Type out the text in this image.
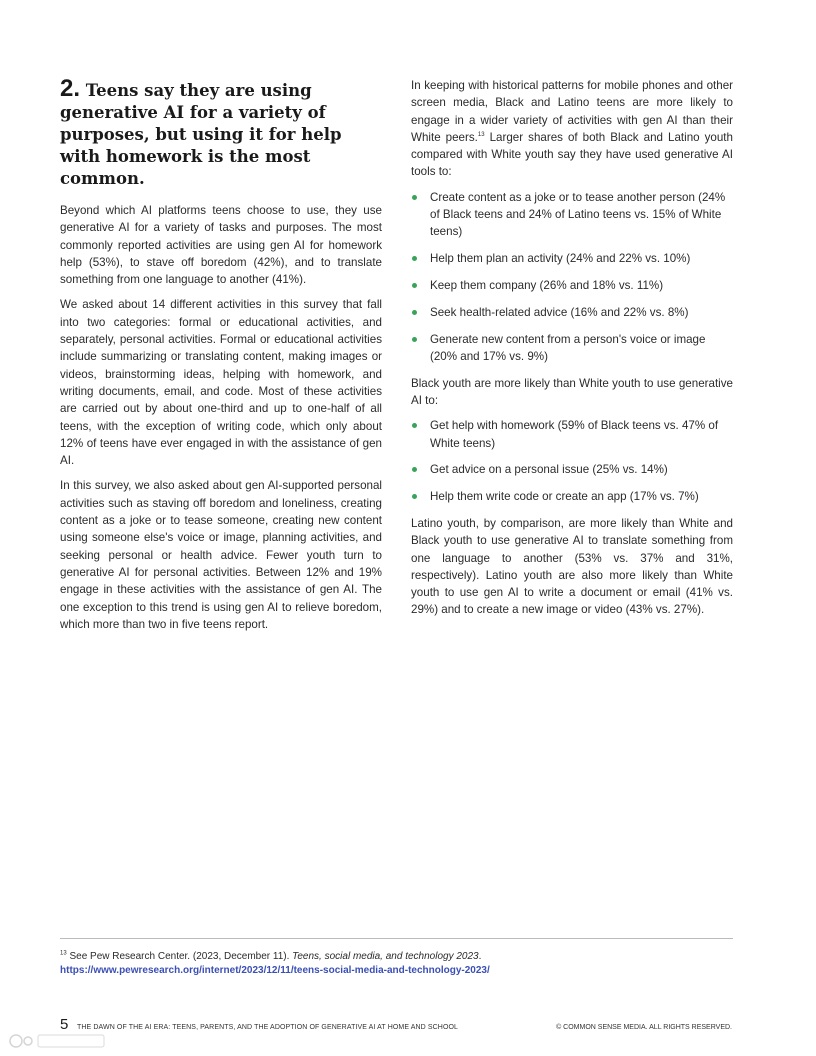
2. Teens say they are using generative AI for a variety of purposes, but using it for help with homework is the most common.

Beyond which AI platforms teens choose to use, they use generative AI for a variety of tasks and purposes. The most commonly reported activities are using gen AI for homework help (53%), to stave off boredom (42%), and to translate something from one language to another (41%).

We asked about 14 different activities in this survey that fall into two categories: formal or educational activities, and separately, personal activities. Formal or educational activities include summarizing or translating content, making images or videos, brainstorming ideas, helping with homework, and writing documents, email, and code. Most of these activities are carried out by about one-third and up to one-half of all teens, with the exception of writing code, which only about 12% of teens have ever engaged in with the assistance of gen AI.

In this survey, we also asked about gen AI-supported personal activities such as staving off boredom and loneliness, creating content as a joke or to tease someone, creating new content using someone else's voice or image, planning activities, and seeking personal or health advice. Fewer youth turn to generative AI for personal activities. Between 12% and 19% engage in these activities with the assistance of gen AI. The one exception to this trend is using gen AI to relieve boredom, which more than two in five teens report.

In keeping with historical patterns for mobile phones and other screen media, Black and Latino teens are more likely to engage in a wider variety of activities with gen AI than their White peers.$^{13}$ Larger shares of both Black and Latino youth compared with White youth say they have used generative AI tools to:

Create content as a joke or to tease another person (24% of Black teens and 24% of Latino teens vs. 15% of White teens)
Help them plan an activity (24% and 22% vs. 10%)
Keep them company (26% and 18% vs. 11%)
Seek health-related advice (16% and 22% vs. 8%)
Generate new content from a person's voice or image (20% and 17% vs. 9%)

Black youth are more likely than White youth to use generative AI to:

Get help with homework (59% of Black teens vs. 47% of White teens)
Get advice on a personal issue (25% vs. 14%)
Help them write code or create an app (17% vs. 7%)

Latino youth, by comparison, are more likely than White and Black youth to use generative AI to translate something from one language to another (53% vs. 37% and 31%, respectively). Latino youth are also more likely than White youth to use gen AI to write a document or email (41% vs. 29%) and to create a new image or video (43% vs. 27%).

$^{13}$ See Pew Research Center. (2023, December 11). Teens, social media, and technology 2023.
https://www.pewresearch.org/internet/2023/12/11/teens-social-media-and-technology-2023/
5 THE DAWN OF THE AI ERA: TEENS, PARENTS, AND THE ADOPTION OF GENERATIVE AI AT HOME AND SCHOOL	© COMMON SENSE MEDIA. ALL RIGHTS RESERVED.
